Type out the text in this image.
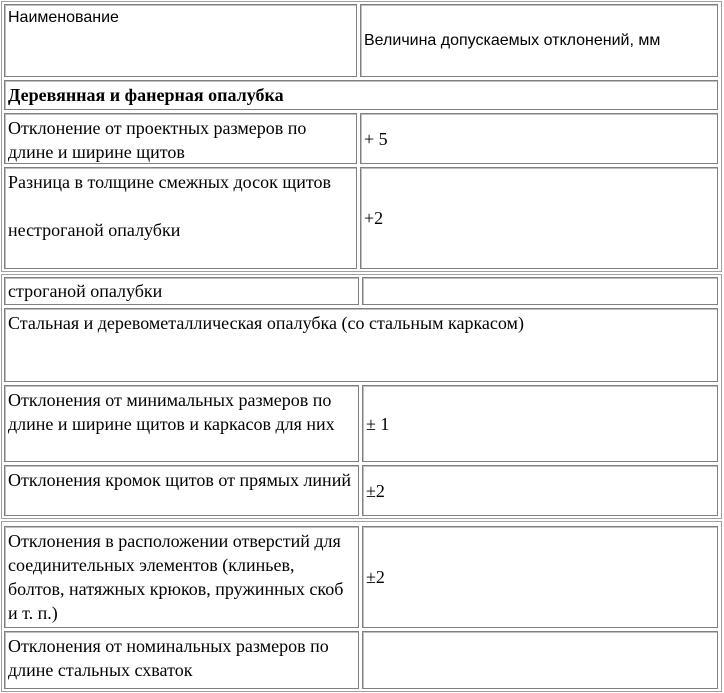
Наименование
Величина допускаемых отклонений, мм
Деревянная и фанерная опалубка
Отклонение от проектных размеров по длине и ширине щитов
+ 5
Разница в толщине смежных досок щитов
нестроганой опалубки
+2
строганой опалубки
Стальная и деревометаллическая опалубка (со стальным каркасом)
Отклонения от минимальных размеров по длине и ширине щитов и каркасов для них	± 1
Отклонения кромок щитов от прямых линий
±2
Отклонения в расположении отверстий для соединительных элементов (клиньев, болтов, натяжных крюков, пружинных скоб и т. п.)
±2
Отклонения от номинальных размеров по длине стальных схваток
